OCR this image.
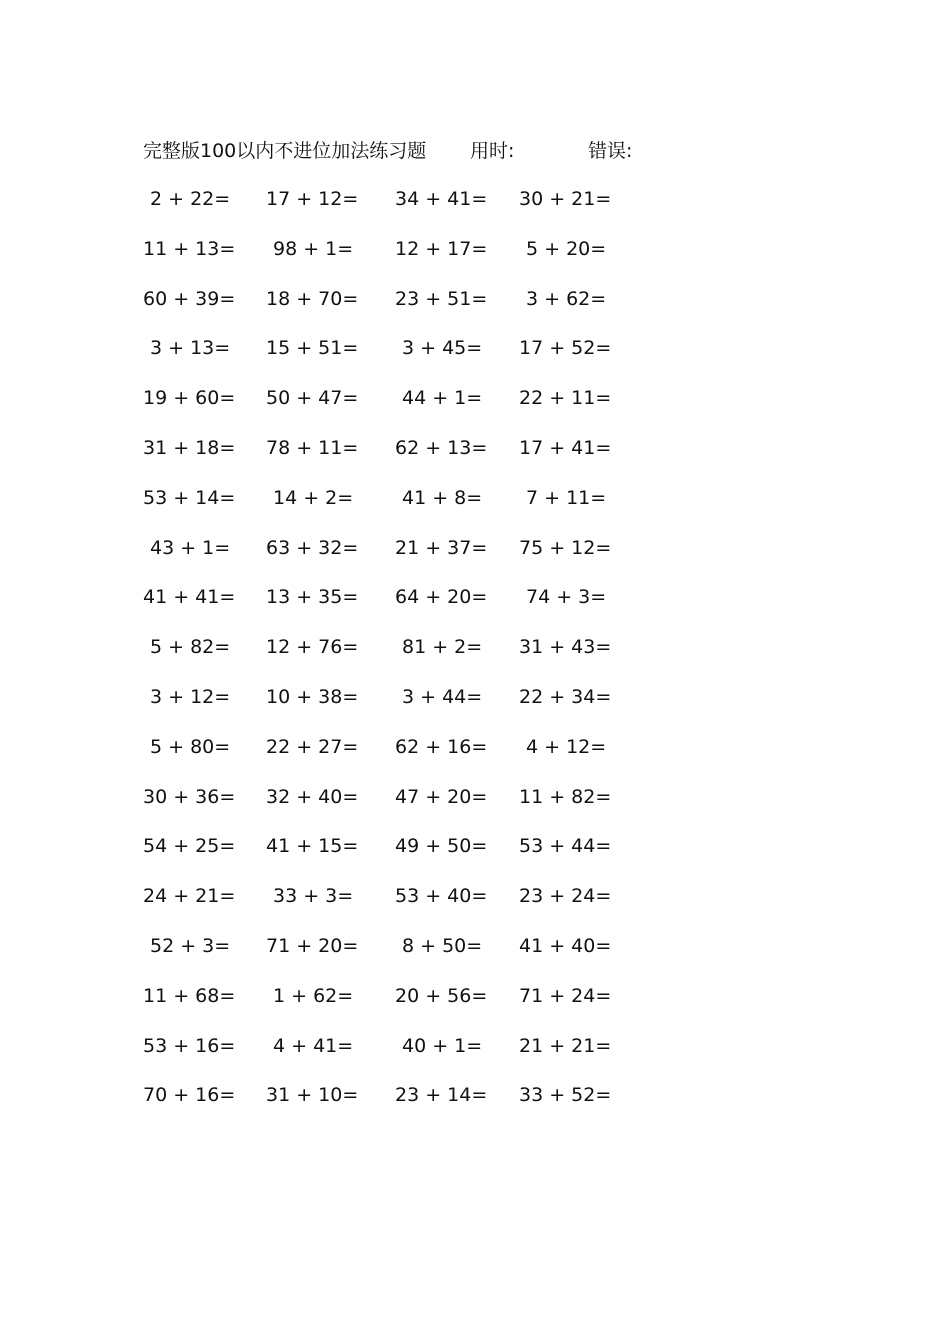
完整版100以内不进位加法练习题 用时:	错误:
2 + 22= 17 + 12= 34 + 41= 30 + 21=
11 + 13= 98 + 1= 12 + 17= 5 + 20=
60 + 39= 18 + 70= 23 + 51= 3 + 62=
3 + 13= 15 + 51= 3 + 45= 17 + 52=
19 + 60= 50 + 47= 44 + 1= 22 + 11=
31 + 18= 78 + 11= 62 + 13= 17 + 41=
53 + 14= 14 + 2=	41 + 8= 7 + 11=
43 + 1= 63 + 32= 21 + 37= 75 + 12=
41 + 41= 13 + 35= 64 + 20= 74 + 3=
5 + 82= 12 + 76= 81 + 2= 31 + 43=
3 + 12= 10 + 38= 3 + 44= 22 + 34=
5 + 80= 22 + 27= 62 + 16= 4 + 12=
30 + 36= 32 + 40= 47 + 20= 11 + 82=
54 + 25= 41 + 15= 49 + 50= 53 + 44=
24 + 21= 33 + 3= 53 + 40= 23 + 24=
52 + 3= 71 + 20= 8 + 50= 41 + 40=
11 + 68= 1 + 62= 20 + 56= 71 + 24=
53 + 16= 4 + 41=	40 + 1= 21 + 21=
70 + 16= 31 + 10= 23 + 14= 33 + 52=
